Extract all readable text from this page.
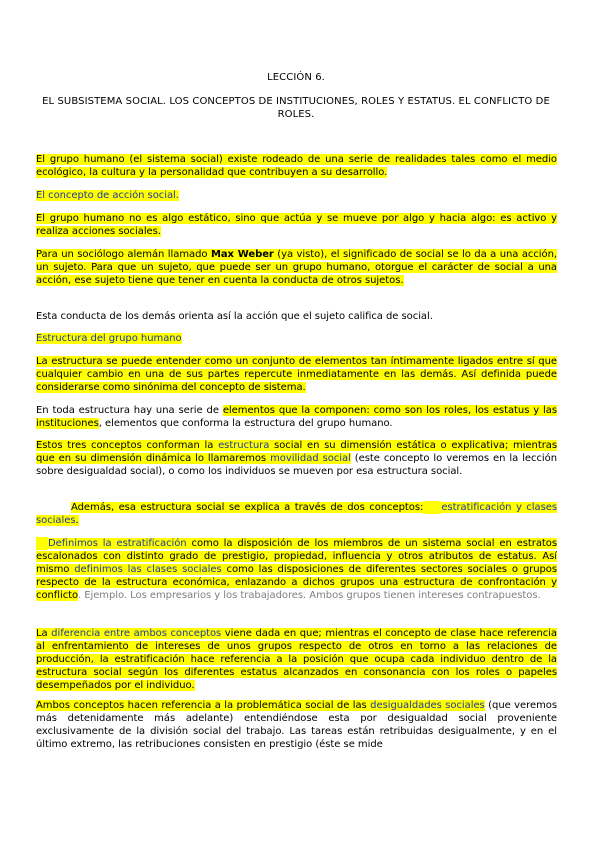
LECCIÓN 6.
EL SUBSISTEMA SOCIAL. LOS CONCEPTOS DE INSTITUCIONES, ROLES Y ESTATUS. EL CONFLICTO DE ROLES.
El grupo humano (el sistema social) existe rodeado de una serie de realidades tales como el medio ecológico, la cultura y la personalidad que contribuyen a su desarrollo.
El concepto de acción social.
El grupo humano no es algo estático, sino que actúa y se mueve por algo y hacia algo: es activo y realiza acciones sociales.
Para un sociólogo alemán llamado Max Weber (ya visto), el significado de social se lo da a una acción, un sujeto. Para que un sujeto, que puede ser un grupo humano, otorgue el carácter de social a una acción, ese sujeto tiene que tener en cuenta la conducta de otros sujetos.
Esta conducta de los demás orienta así la acción que el sujeto califica de social.
Estructura del grupo humano
La estructura se puede entender como un conjunto de elementos tan íntimamente ligados entre sí que cualquier cambio en una de sus partes repercute inmediatamente en las demás. Así definida puede considerarse como sinónima del concepto de sistema.
En toda estructura hay una serie de elementos que la componen: como son los roles, los estatus y las instituciones, elementos que conforma la estructura del grupo humano.
Estos tres conceptos conforman la estructura social en su dimensión estática o explicativa; mientras que en su dimensión dinámica lo llamaremos movilidad social (este concepto lo veremos en la lección sobre desigualdad social), o como los individuos se mueven por esa estructura social.
Además, esa estructura social se explica a través de dos conceptos: estratificación y clases sociales.
Definimos la estratificación como la disposición de los miembros de un sistema social en estratos escalonados con distinto grado de prestigio, propiedad, influencia y otros atributos de estatus. Así mismo definimos las clases sociales como las disposiciones de diferentes sectores sociales o grupos respecto de la estructura económica, enlazando a dichos grupos una estructura de confrontación y conflicto. Ejemplo. Los empresarios y los trabajadores. Ambos grupos tienen intereses contrapuestos.
La diferencia entre ambos conceptos viene dada en que; mientras el concepto de clase hace referencia al enfrentamiento de intereses de unos grupos respecto de otros en torno a las relaciones de producción, la estratificación hace referencia a la posición que ocupa cada individuo dentro de la estructura social según los diferentes estatus alcanzados en consonancia con los roles o papeles desempeñados por el individuo.
Ambos conceptos hacen referencia a la problemática social de las desigualdades sociales (que veremos más detenidamente más adelante) entendiéndose esta por desigualdad social proveniente exclusivamente de la división social del trabajo. Las tareas están retribuidas desigualmente, y en el último extremo, las retribuciones consisten en prestigio (éste se mide
